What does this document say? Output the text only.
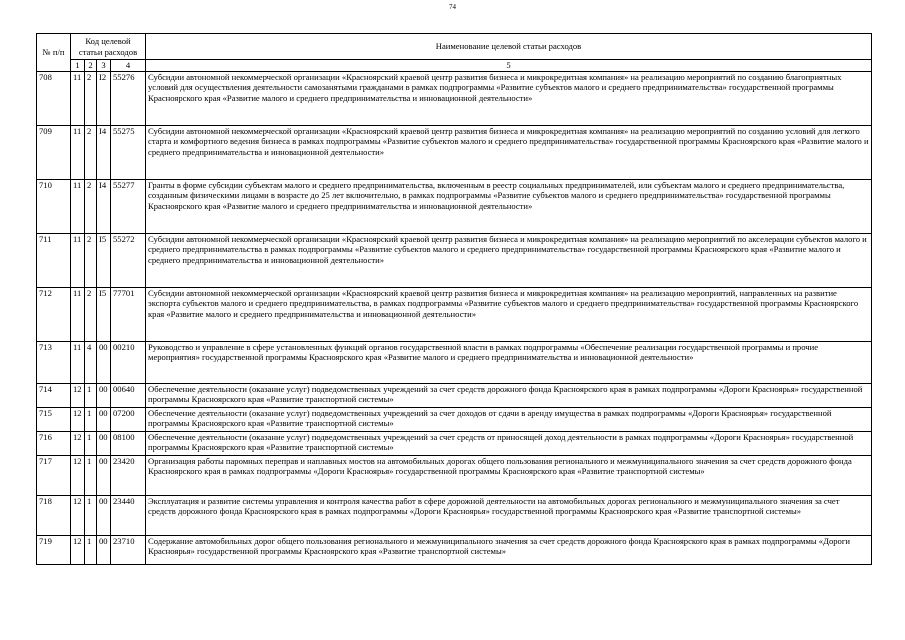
74
№ п/п	Код целевой статьи расходов				Наименование целевой статьи расходов
	1	2	3	4	5
708	11	2	I2	55276	Субсидии автономной некоммерческой организации «Красноярский краевой центр развития бизнеса и микрокредитная компания» на реализацию мероприятий по созданию благоприятных условий для осуществления деятельности самозанятыми гражданами в рамках подпрограммы «Развитие субъектов малого и среднего предпринимательства» государственной программы Красноярского края «Развитие малого и среднего предпринимательства и инновационной деятельности»
709	11	2	I4	55275	Субсидии автономной некоммерческой организации «Красноярский краевой центр развития бизнеса и микрокредитная компания» на реализацию мероприятий по созданию условий для легкого старта и комфортного ведения бизнеса в рамках подпрограммы «Развитие субъектов малого и среднего предпринимательства» государственной программы Красноярского края «Развитие малого и среднего предпринимательства и инновационной деятельности»
710	11	2	I4	55277	Гранты в форме субсидии субъектам малого и среднего предпринимательства, включенным в реестр социальных предпринимателей, или субъектам малого и среднего предпринимательства, созданным физическими лицами в возрасте до 25 лет включительно, в рамках подпрограммы «Развитие субъектов малого и среднего предпринимательства» государственной программы Красноярского края «Развитие малого и среднего предпринимательства и инновационной деятельности»
711	11	2	I5	55272	Субсидии автономной некоммерческой организации «Красноярский краевой центр развития бизнеса и микрокредитная компания» на реализацию мероприятий по акселерации субъектов малого и среднего предпринимательства в рамках подпрограммы «Развитие субъектов малого и среднего предпринимательства» государственной программы Красноярского края «Развитие малого и среднего предпринимательства и инновационной деятельности»
712	11	2	I5	77701	Субсидии автономной некоммерческой организации «Красноярский краевой центр развития бизнеса и микрокредитная компания» на реализацию мероприятий, направленных на развитие экспорта субъектов малого и среднего предпринимательства, в рамках подпрограммы «Развитие субъектов малого и среднего предпринимательства» государственной программы Красноярского края «Развитие малого и среднего предпринимательства и инновационной деятельности»
713	11	4	00	00210	Руководство и управление в сфере установленных функций органов государственной власти в рамках подпрограммы «Обеспечение реализации государственной программы и прочие мероприятия» государственной программы Красноярского края «Развитие малого и среднего предпринимательства и инновационной деятельности»
714	12	1	00	00640	Обеспечение деятельности (оказание услуг) подведомственных учреждений за счет средств дорожного фонда Красноярского края в рамках подпрограммы «Дороги Красноярья» государственной программы Красноярского края «Развитие транспортной системы»
715	12	1	00	07200	Обеспечение деятельности (оказание услуг) подведомственных учреждений за счет доходов от сдачи в аренду имущества в рамках подпрограммы «Дороги Красноярья» государственной программы Красноярского края «Развитие транспортной системы»
716	12	1	00	08100	Обеспечение деятельности (оказание услуг) подведомственных учреждений за счет средств от приносящей доход деятельности в рамках подпрограммы «Дороги Красноярья» государственной программы Красноярского края «Развитие транспортной системы»
717	12	1	00	23420	Организация работы паромных переправ и наплавных мостов на автомобильных дорогах общего пользования регионального и межмуниципального значения за счет средств дорожного фонда Красноярского края в рамках подпрограммы «Дороги Красноярья» государственной программы Красноярского края «Развитие транспортной системы»
718	12	1	00	23440	Эксплуатация и развитие системы управления и контроля качества работ в сфере дорожной деятельности на автомобильных дорогах регионального и межмуниципального значения за счет средств дорожного фонда Красноярского края в рамках подпрограммы «Дороги Красноярья» государственной программы Красноярского края «Развитие транспортной системы»
719	12	1	00	23710	Содержание автомобильных дорог общего пользования регионального и межмуниципального значения за счет средств дорожного фонда Красноярского края в рамках подпрограммы «Дороги Красноярья» государственной программы Красноярского края «Развитие транспортной системы»
